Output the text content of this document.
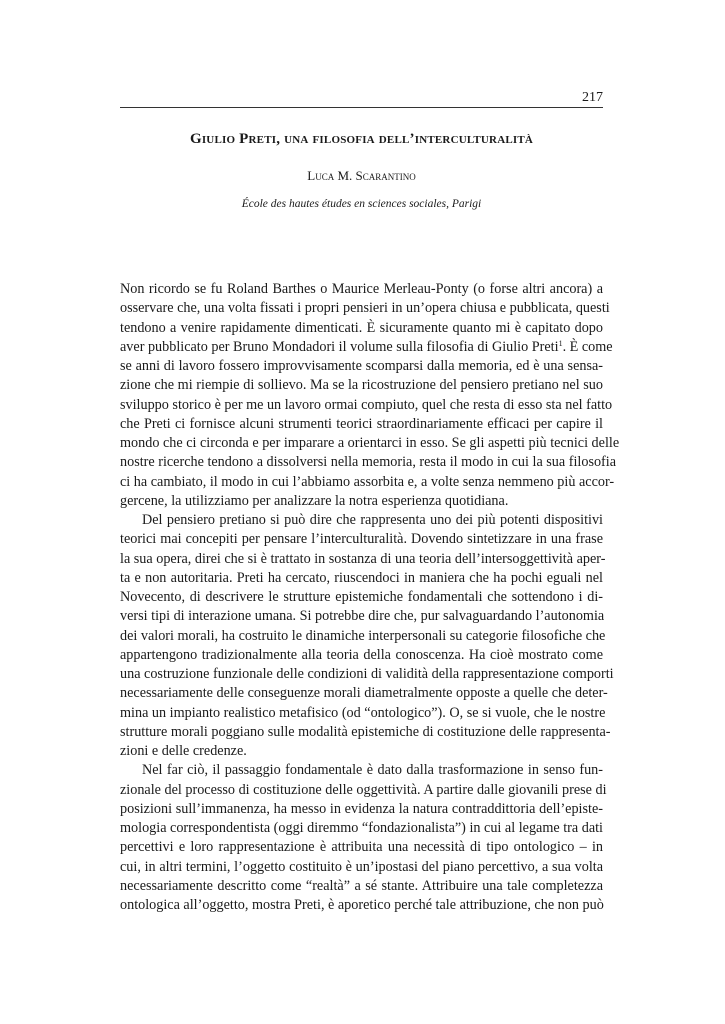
217
Giulio Preti, una filosofia dell’interculturalità
Luca M. Scarantino
École des hautes études en sciences sociales, Parigi

Non ricordo se fu Roland Barthes o Maurice Merleau-Ponty (o forse altri ancora) a
osservare che, una volta fissati i propri pensieri in un’opera chiusa e pubblicata, questi
tendono a venire rapidamente dimenticati. È sicuramente quanto mi è capitato dopo
aver pubblicato per Bruno Mondadori il volume sulla filosofia di Giulio Preti$^1$. È come
se anni di lavoro fossero improvvisamente scomparsi dalla memoria, ed è una sensa-
zione che mi riempie di sollievo. Ma se la ricostruzione del pensiero pretiano nel suo
sviluppo storico è per me un lavoro ormai compiuto, quel che resta di esso sta nel fatto
che Preti ci fornisce alcuni strumenti teorici straordinariamente efficaci per capire il
mondo che ci circonda e per imparare a orientarci in esso. Se gli aspetti più tecnici delle
nostre ricerche tendono a dissolversi nella memoria, resta il modo in cui la sua filosofia
ci ha cambiato, il modo in cui l’abbiamo assorbita e, a volte senza nemmeno più accor-
gercene, la utilizziamo per analizzare la notra esperienza quotidiana.

Del pensiero pretiano si può dire che rappresenta uno dei più potenti dispositivi
teorici mai concepiti per pensare l’interculturalità. Dovendo sintetizzare in una frase
la sua opera, direi che si è trattato in sostanza di una teoria dell’intersoggettività aper-
ta e non autoritaria. Preti ha cercato, riuscendoci in maniera che ha pochi eguali nel
Novecento, di descrivere le strutture epistemiche fondamentali che sottendono i di-
versi tipi di interazione umana. Si potrebbe dire che, pur salvaguardando l’autonomia
dei valori morali, ha costruito le dinamiche interpersonali su categorie filosofiche che
appartengono tradizionalmente alla teoria della conoscenza. Ha cioè mostrato come
una costruzione funzionale delle condizioni di validità della rappresentazione comporti
necessariamente delle conseguenze morali diametralmente opposte a quelle che deter-
mina un impianto realistico metafisico (od “ontologico”). O, se si vuole, che le nostre
strutture morali poggiano sulle modalità epistemiche di costituzione delle rappresenta-
zioni e delle credenze.

Nel far ciò, il passaggio fondamentale è dato dalla trasformazione in senso fun-
zionale del processo di costituzione delle oggettività. A partire dalle giovanili prese di
posizioni sull’immanenza, ha messo in evidenza la natura contraddittoria dell’episte-
mologia correspondentista (oggi diremmo “fondazionalista”) in cui al legame tra dati
percettivi e loro rappresentazione è attribuita una necessità di tipo ontologico – in
cui, in altri termini, l’oggetto costituito è un’ipostasi del piano percettivo, a sua volta
necessariamente descritto come “realtà” a sé stante. Attribuire una tale completezza
ontologica all’oggetto, mostra Preti, è aporetico perché tale attribuzione, che non può
